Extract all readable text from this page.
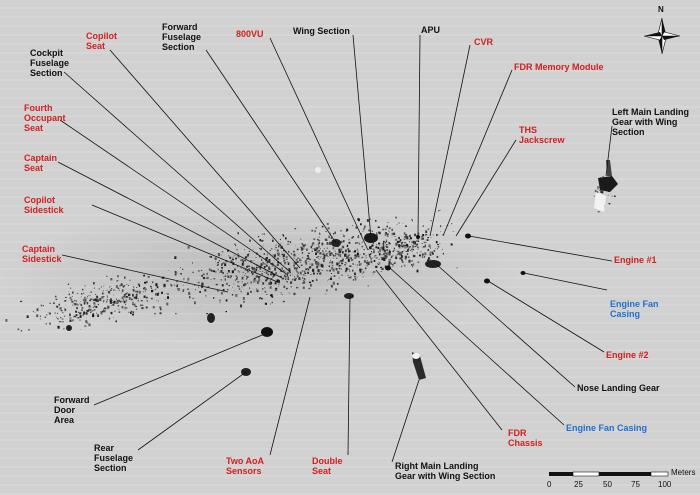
Copilot
Seat
Cockpit
Fuselage
Section
Fourth
Occupant
Seat
Captain
Seat
Copilot
Sidestick
Captain
Sidestick
Forward
Fuselage
Section
800VU	Wing Section	APU
CVR
FDR Memory Module
THS
Jackscrew
Left Main Landing
Gear with Wing
Section
Engine #1
Engine Fan
Casing
Engine #2
Nose Landing Gear
Engine Fan Casing
FDR
Chassis
Right Main Landing
Gear with Wing Section
Double
Seat
Two AoA
Sensors
Rear
Fuselage
Section
Forward
Door
Area
N
Meters
0	25	50 75 100
